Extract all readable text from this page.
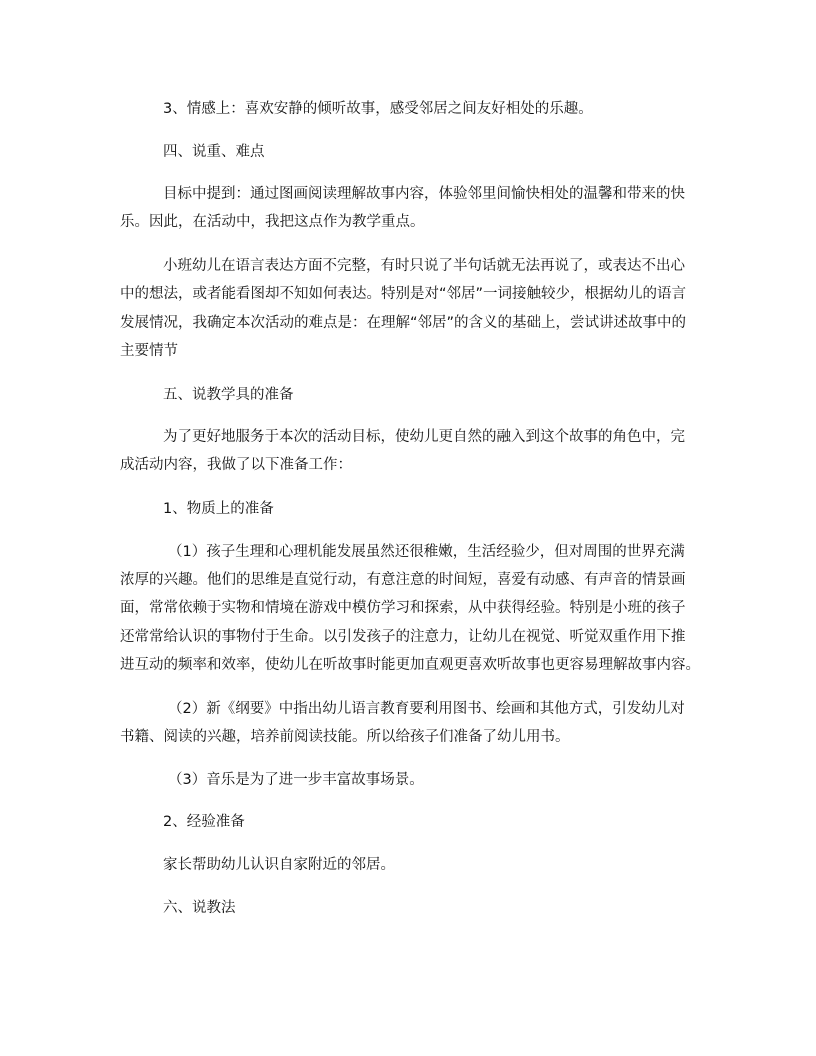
3、情感上：喜欢安静的倾听故事，感受邻居之间友好相处的乐趣。
四、说重、难点
目标中提到：通过图画阅读理解故事内容，体验邻里间愉快相处的温馨和带来的快
乐。因此，在活动中，我把这点作为教学重点。
小班幼儿在语言表达方面不完整，有时只说了半句话就无法再说了，或表达不出心
中的想法，或者能看图却不知如何表达。特别是对“邻居”一词接触较少，根据幼儿的语言
发展情况，我确定本次活动的难点是：在理解“邻居”的含义的基础上，尝试讲述故事中的
主要情节
五、说教学具的准备
为了更好地服务于本次的活动目标，使幼儿更自然的融入到这个故事的角色中，完
成活动内容，我做了以下准备工作：
1、物质上的准备
（1）孩子生理和心理机能发展虽然还很稚嫩，生活经验少，但对周围的世界充满
浓厚的兴趣。他们的思维是直觉行动，有意注意的时间短，喜爱有动感、有声音的情景画
面，常常依赖于实物和情境在游戏中模仿学习和探索，从中获得经验。特别是小班的孩子
还常常给认识的事物付于生命。以引发孩子的注意力，让幼儿在视觉、听觉双重作用下推
进互动的频率和效率，使幼儿在听故事时能更加直观更喜欢听故事也更容易理解故事内容。
（2）新《纲要》中指出幼儿语言教育要利用图书、绘画和其他方式，引发幼儿对
书籍、阅读的兴趣，培养前阅读技能。所以给孩子们准备了幼儿用书。
（3）音乐是为了进一步丰富故事场景。
2、经验准备
家长帮助幼儿认识自家附近的邻居。
六、说教法
